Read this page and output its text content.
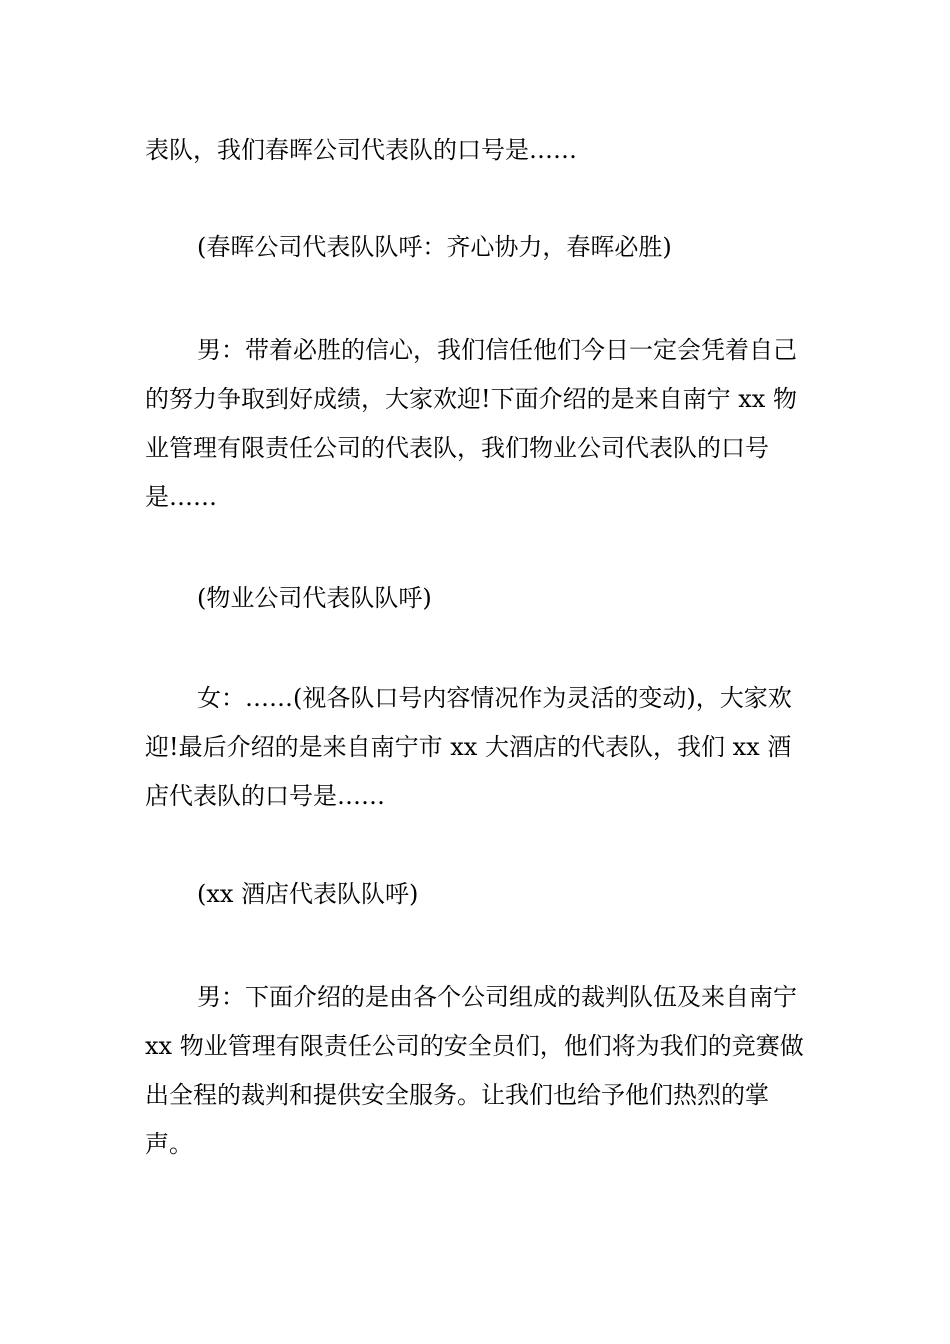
表队，我们春晖公司代表队的口号是……

(春晖公司代表队队呼：齐心协力，春晖必胜)

男：带着必胜的信心，我们信任他们今日一定会凭着自己的努力争取到好成绩，大家欢迎!下面介绍的是来自南宁 xx 物业管理有限责任公司的代表队，我们物业公司代表队的口号是……

(物业公司代表队队呼)

女：……(视各队口号内容情况作为灵活的变动)，大家欢迎!最后介绍的是来自南宁市 xx 大酒店的代表队，我们 xx 酒店代表队的口号是……

(xx 酒店代表队队呼)

男：下面介绍的是由各个公司组成的裁判队伍及来自南宁 xx 物业管理有限责任公司的安全员们，他们将为我们的竞赛做出全程的裁判和提供安全服务。让我们也给予他们热烈的掌声。
